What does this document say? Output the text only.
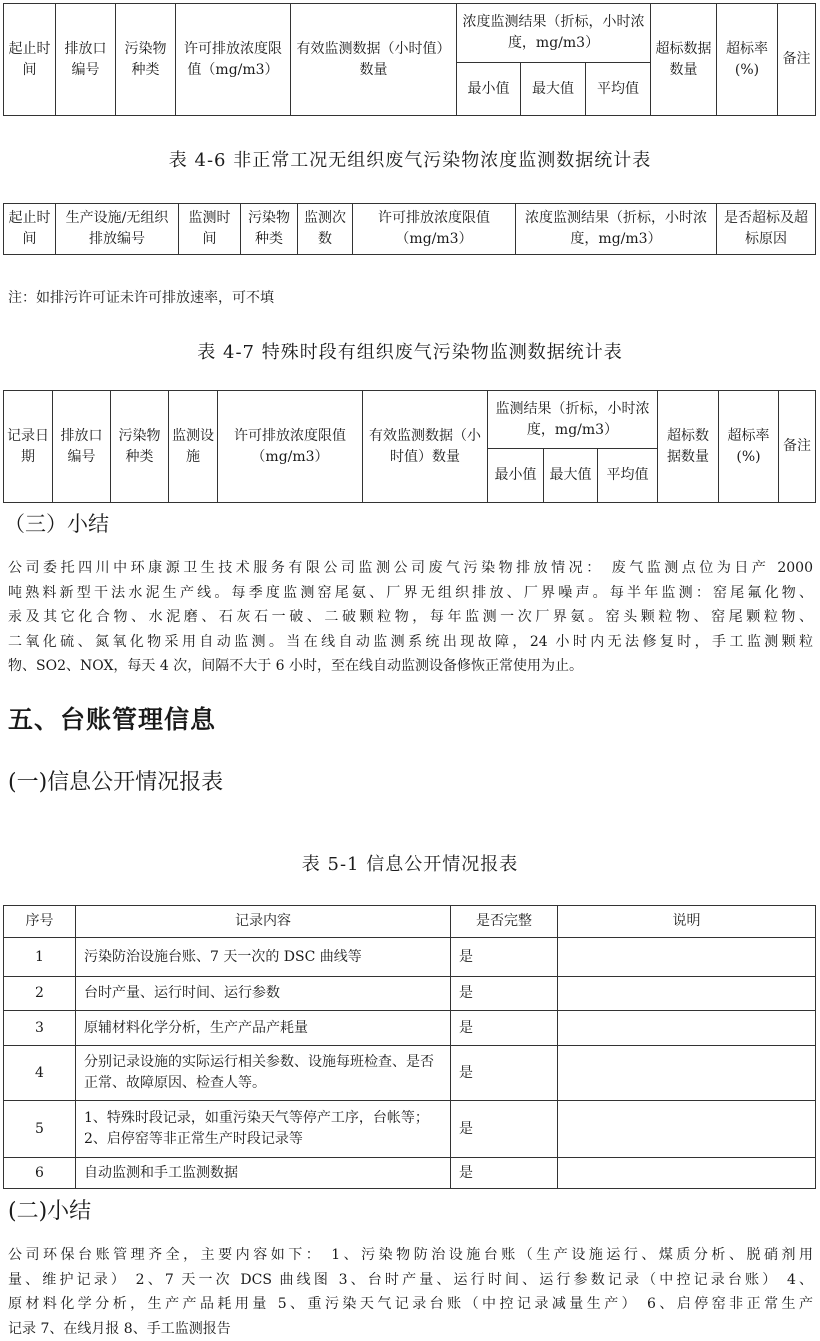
起止时间	排放口编号	污染物种类	许可排放浓度限值（mg/m3）	有效监测数据（小时值）数量	浓度监测结果（折标，小时浓度，mg/m3）			超标数据数量	超标率(%)	备注
					最小值	最大值	平均值			
表 4-6 非正常工况无组织废气污染物浓度监测数据统计表
起止时间	生产设施/无组织排放编号	监测时间	污染物种类	监测次数	许可排放浓度限值（mg/m3）	浓度监测结果（折标，小时浓度，mg/m3）	是否超标及超标原因
注：如排污许可证未许可排放速率，可不填
表 4-7 特殊时段有组织废气污染物监测数据统计表
记录日期	排放口编号	污染物种类	监测设施	许可排放浓度限值（mg/m3）	有效监测数据（小时值）数量	监测结果（折标，小时浓度，mg/m3）			超标数据数量	超标率(%)	备注
						最小值	最大值	平均值			
（三）小结
公司委托四川中环康源卫生技术服务有限公司监测公司废气污染物排放情况： 废气监测点位为日产 2000
吨熟料新型干法水泥生产线。每季度监测窑尾氨、厂界无组织排放、厂界噪声。每半年监测：窑尾氟化物、
汞及其它化合物、水泥磨、石灰石一破、二破颗粒物，每年监测一次厂界氨。窑头颗粒物、窑尾颗粒物、
二氧化硫、氮氧化物采用自动监测。当在线自动监测系统出现故障，24 小时内无法修复时，手工监测颗粒
物、SO2、NOX，每天 4 次，间隔不大于 6 小时，至在线自动监测设备修恢正常使用为止。
五、台账管理信息
(一)信息公开情况报表
表 5-1 信息公开情况报表
序号	记录内容	是否完整	说明
1	污染防治设施台账、7 天一次的 DSC 曲线等	是	
2	台时产量、运行时间、运行参数	是	
3	原辅材料化学分析，生产产品产耗量	是	
4	分别记录设施的实际运行相关参数、设施每班检查、是否正常、故障原因、检查人等。	是	
5	1、特殊时段记录，如重污染天气等停产工序，台帐等；2、启停窑等非正常生产时段记录等	是	
6	自动监测和手工监测数据	是	
(二)小结
公司环保台账管理齐全，主要内容如下： 1、污染物防治设施台账（生产设施运行、煤质分析、脱硝剂用
量、维护记录） 2、7 天一次 DCS 曲线图 3、台时产量、运行时间、运行参数记录（中控记录台账） 4、
原材料化学分析，生产产品耗用量 5、重污染天气记录台账（中控记录减量生产） 6、启停窑非正常生产
记录 7、在线月报 8、手工监测报告
